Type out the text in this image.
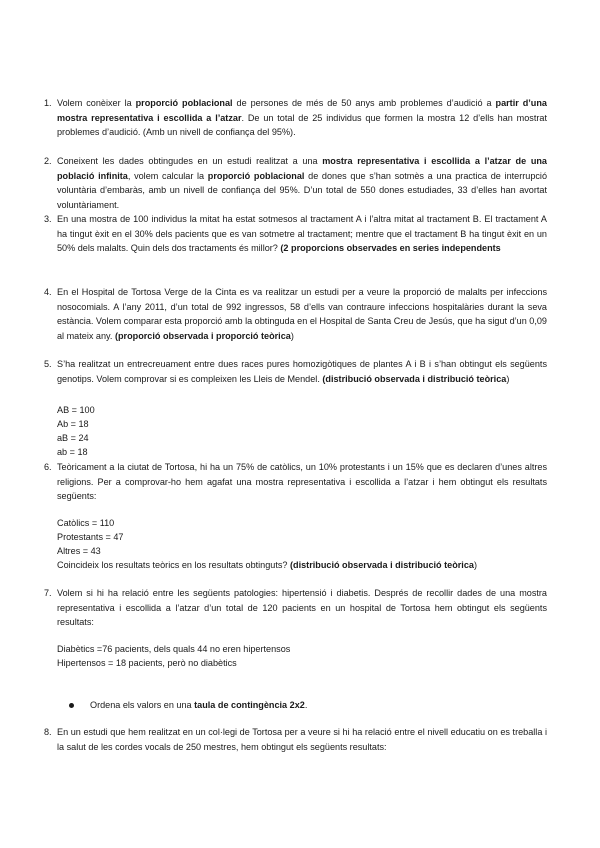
1. Volem conèixer la proporció poblacional de persones de més de 50 anys amb problemes d’audició a partir d’una mostra representativa i escollida a l’atzar. De un total de 25 individus que formen la mostra 12 d’ells han mostrat problemes d’audició. (Amb un nivell de confiança del 95%).
2. Coneixent les dades obtingudes en un estudi realitzat a una mostra representativa i escollida a l’atzar de una població infinita, volem calcular la proporció poblacional de dones que s’han sotmès a una practica de interrupció voluntària d’embaràs, amb un nivell de confiança del 95%. D’un total de 550 dones estudiades, 33 d’elles han avortat voluntàriament.
3. En una mostra de 100 individus la mitat ha estat sotmesos al tractament A i l’altra mitat al tractament B. El tractament A ha tingut èxit en el 30% dels pacients que es van sotmetre al tractament; mentre que el tractament B ha tingut èxit en un 50% dels malalts. Quin dels dos tractaments és millor? (2 proporcions observades en series independents
4. En el Hospital de Tortosa Verge de la Cinta es va realitzar un estudi per a veure la proporció de malalts per infeccions nosocomials. A l’any 2011, d’un total de 992 ingressos, 58 d’ells van contraure infeccions hospitalàries durant la seva estància. Volem comparar esta proporció amb la obtinguda en el Hospital de Santa Creu de Jesús, que ha sigut d’un 0,09 al mateix any. (proporció observada i proporció teòrica)
5. S’ha realitzat un entrecreuament entre dues races pures homozigòtiques de plantes A i B i s’han obtingut els següents genotips. Volem comprovar si es compleixen les Lleis de Mendel. (distribució observada i distribució teòrica)
AB = 100
Ab = 18
aB = 24
ab = 18
6. Teòricament a la ciutat de Tortosa, hi ha un 75% de catòlics, un 10% protestants i un 15% que es declaren d’unes altres religions. Per a comprovar-ho hem agafat una mostra representativa i escollida a l’atzar i hem obtingut els resultats següents:
Catòlics = 110
Protestants = 47
Altres = 43
Coincideix los resultats teòrics en los resultats obtinguts? (distribució observada i distribució teòrica)
7. Volem si hi ha relació entre les següents patologies: hipertensió i diabetis. Després de recollir dades de una mostra representativa i escollida a l’atzar d’un total de 120 pacients en un hospital de Tortosa hem obtingut els següents resultats:
Diabètics =76 pacients, dels quals 44 no eren hipertensos
Hipertensos = 18 pacients, però no diabètics
Ordena els valors en una taula de contingència 2x2.
8. En un estudi que hem realitzat en un col·legi de Tortosa per a veure si hi ha relació entre el nivell educatiu on es treballa i la salut de les cordes vocals de 250 mestres, hem obtingut els següents resultats:
